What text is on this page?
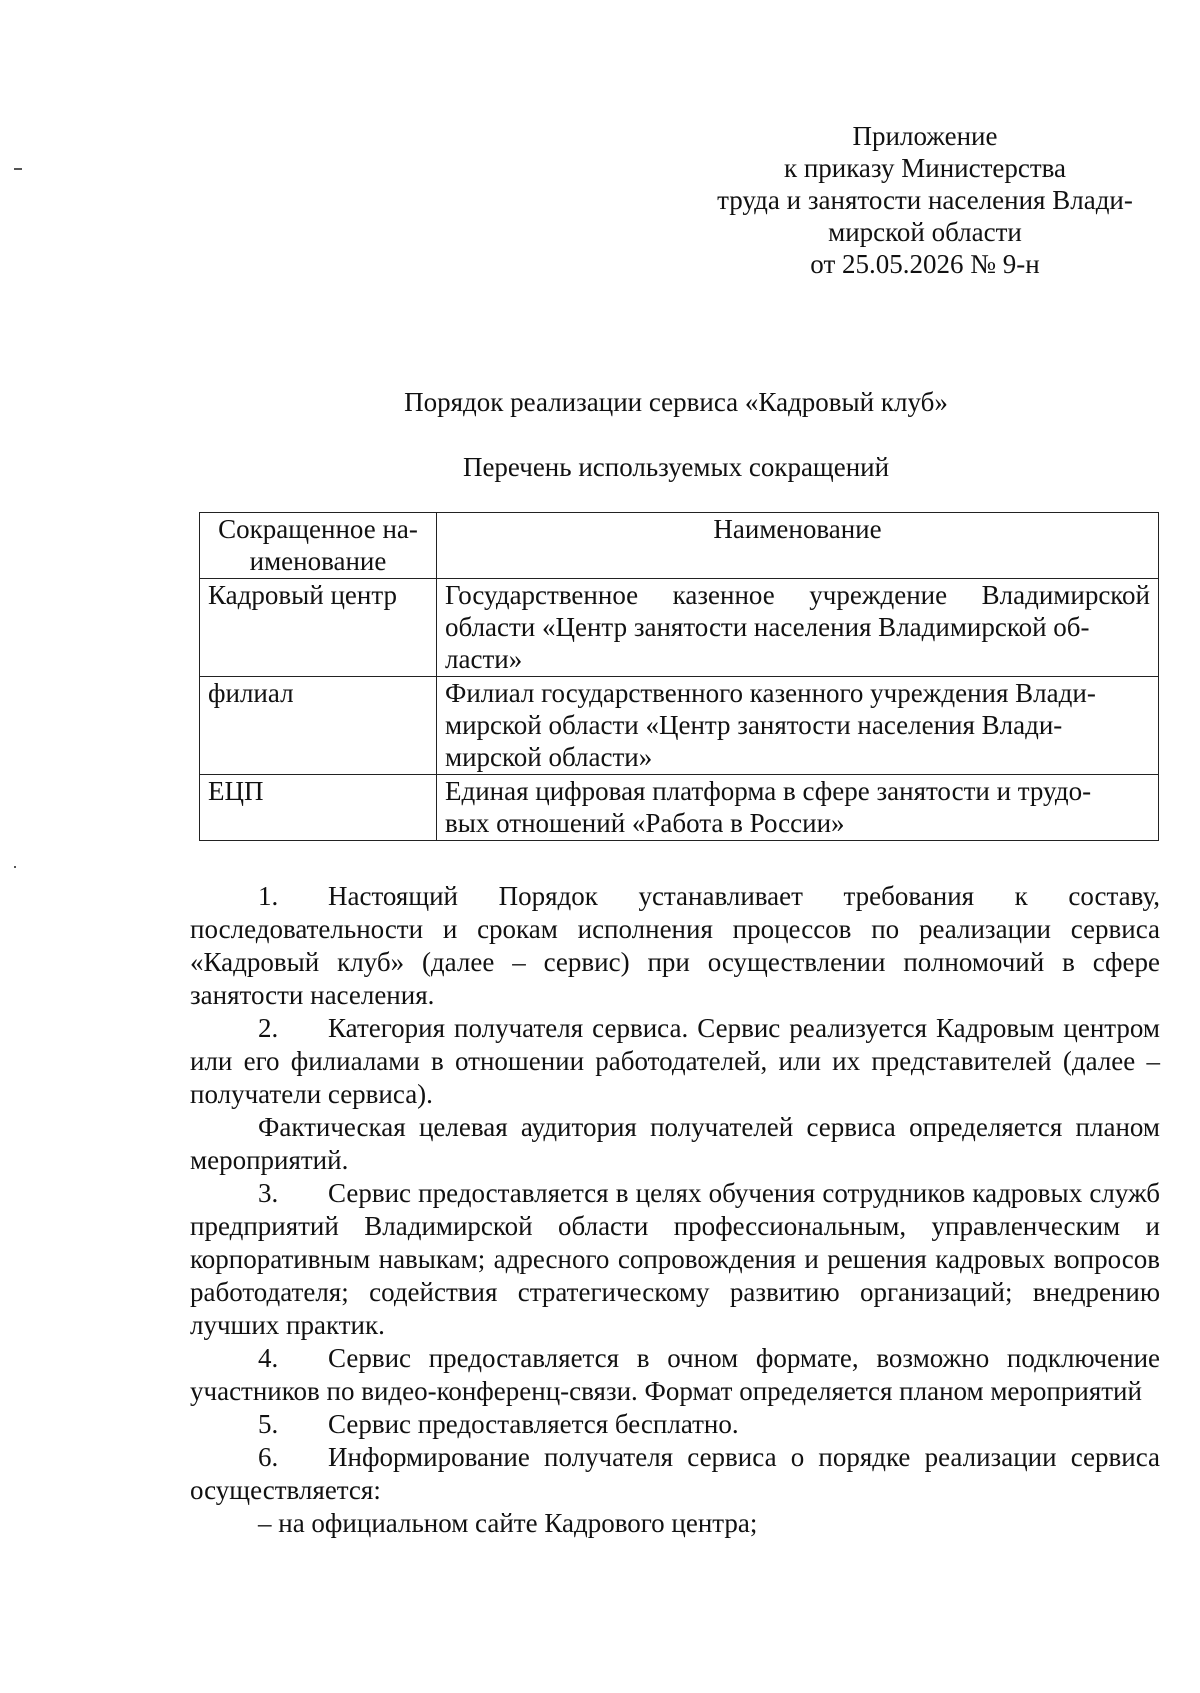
Приложение
к приказу Министерства
труда и занятости населения Влади-
мирской области
от 25.05.2026 № 9-н
Порядок реализации сервиса «Кадровый клуб»
Перечень используемых сокращений
Сокращенное на-
именование	Наименование
Кадровый центр	Государственное казенное учреждение Владимирской области «Центр занятости населения Владимирской об-
ласти»
филиал	Филиал государственного казенного учреждения Влади-
мирской области «Центр занятости населения Влади-
мирской области»
ЕЦП	Единая цифровая платформа в сфере занятости и трудо-
вых отношений «Работа в России»

1. Настоящий Порядок устанавливает требования к составу, последовательности и срокам исполнения процессов по реализации сервиса «Кадровый клуб» (далее – сервис) при осуществлении полномочий в сфере занятости населения.

2. Категория получателя сервиса. Сервис реализуется Кадровым центром или его филиалами в отношении работодателей, или их представителей (далее – получатели сервиса).

Фактическая целевая аудитория получателей сервиса определяется планом мероприятий.

3. Сервис предоставляется в целях обучения сотрудников кадровых служб предприятий Владимирской области профессиональным, управленческим и корпоративным навыкам; адресного сопровождения и решения кадровых вопросов работодателя; содействия стратегическому развитию организаций; внедрению лучших практик.

4. Сервис предоставляется в очном формате, возможно подключение участников по видео-конференц-связи. Формат определяется планом мероприятий

5. Сервис предоставляется бесплатно.

6. Информирование получателя сервиса о порядке реализации сервиса осуществляется:

– на официальном сайте Кадрового центра;
